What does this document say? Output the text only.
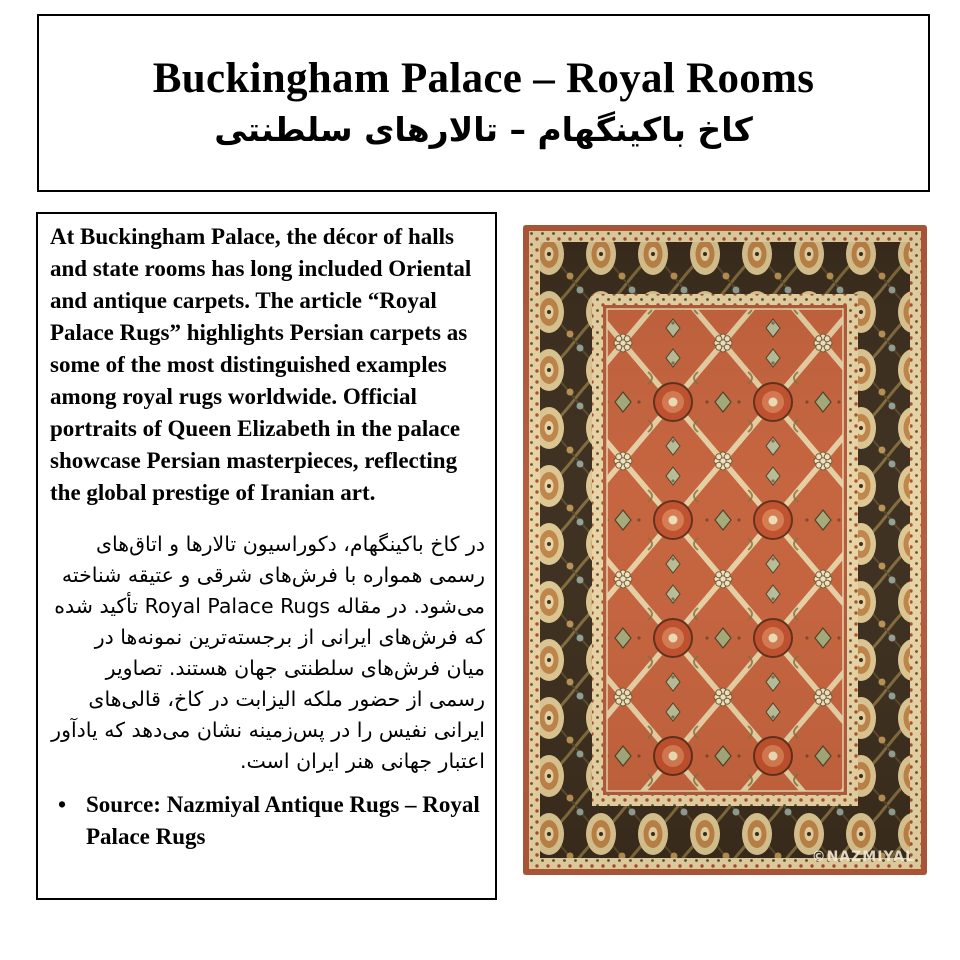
Buckingham Palace – Royal Rooms
کاخ باکینگهام – تالارهای سلطنتی

At Buckingham Palace, the décor of halls and state rooms has long included Oriental and antique carpets. The article “Royal Palace Rugs” highlights Persian carpets as some of the most distinguished examples among royal rugs worldwide. Official portraits of Queen Elizabeth in the palace showcase Persian masterpieces, reflecting the global prestige of Iranian art.

در کاخ باکینگهام، دکوراسیون تالارها و اتاق‌های رسمی همواره با فرش‌های شرقی و عتیقه شناخته می‌شود. در مقاله Royal Palace Rugs تأکید شده که فرش‌های ایرانی از برجسته‌ترین نمونه‌ها در میان فرش‌های سلطنتی جهان هستند. تصاویر رسمی از حضور ملکه الیزابت در کاخ، قالی‌های ایرانی نفیس را در پس‌زمینه نشان می‌دهد که یادآور اعتبار جهانی هنر ایران است.

• Source: Nazmiyal Antique Rugs – Royal Palace Rugs
©NAZMIYAL
